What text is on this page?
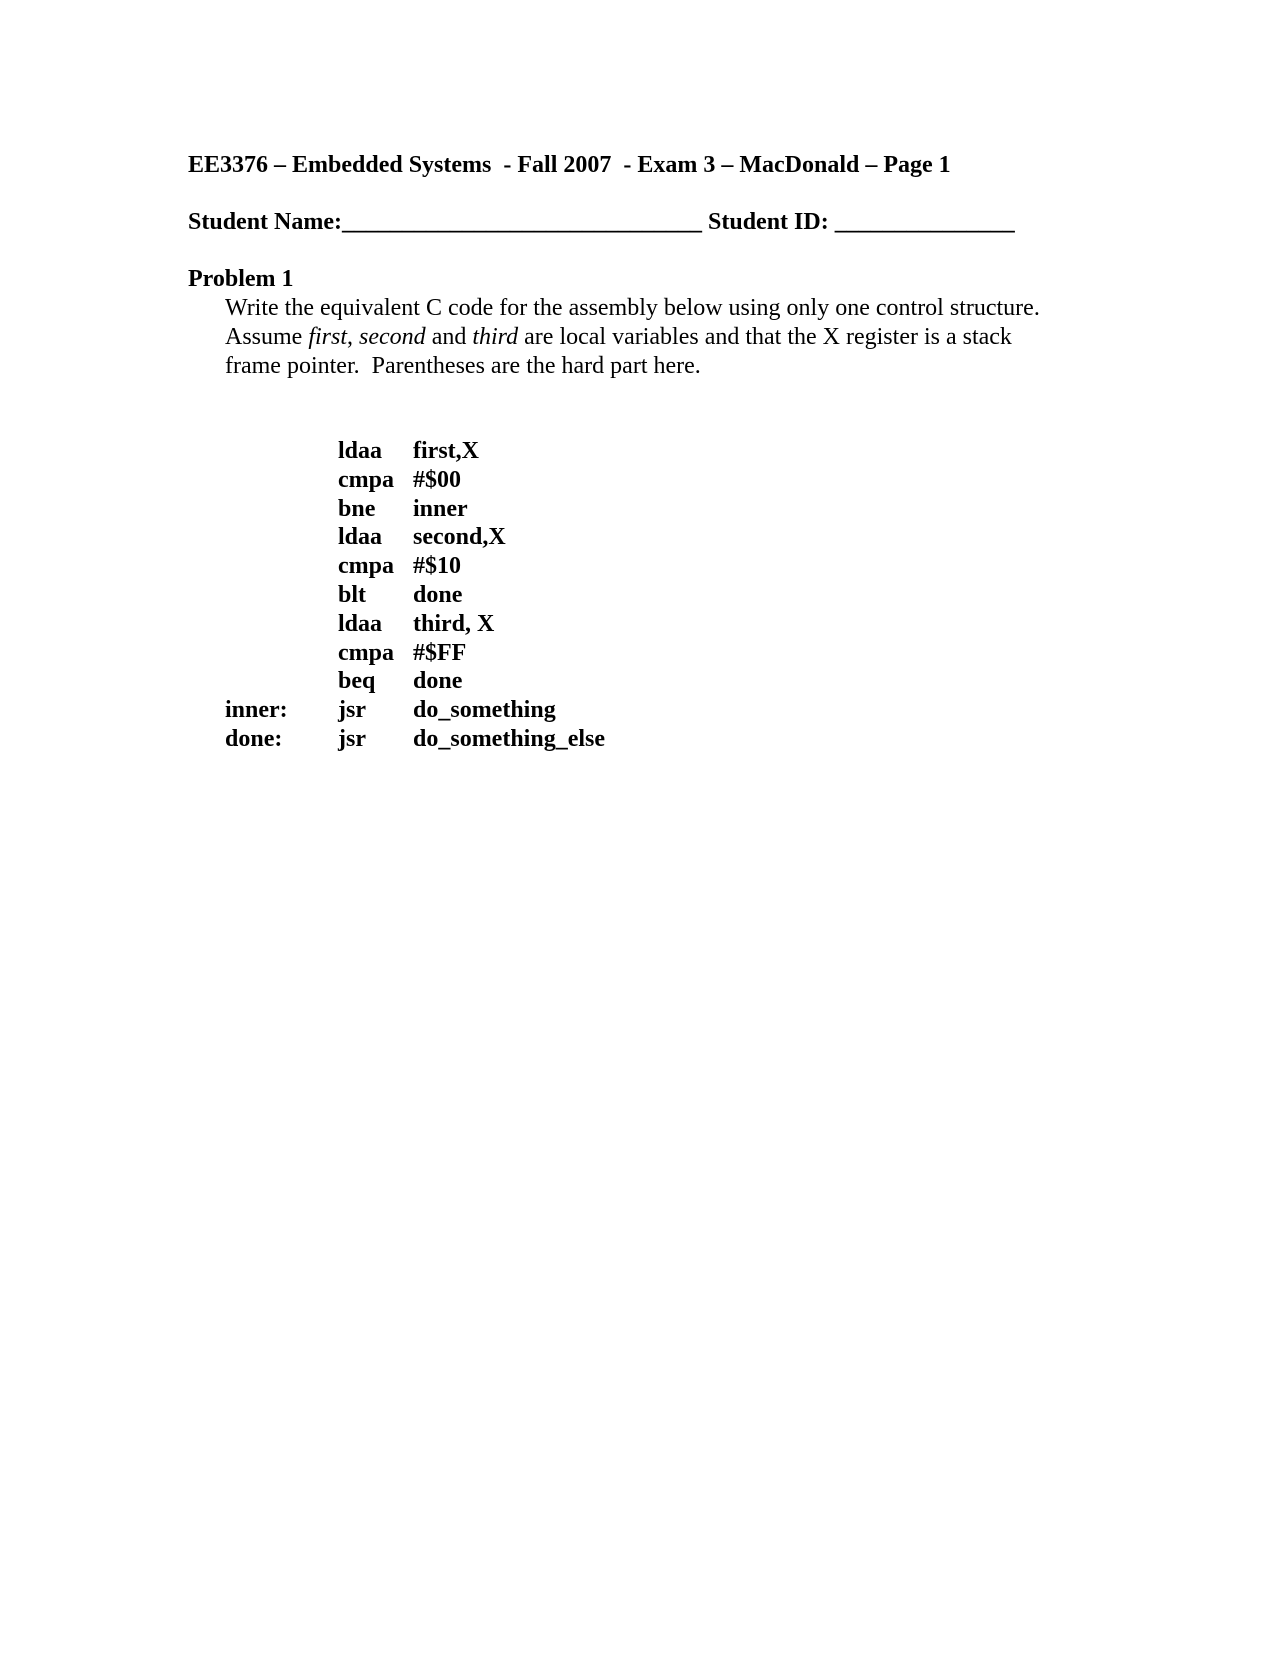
EE3376 – Embedded Systems  - Fall 2007  - Exam 3 – MacDonald – Page 1
Student Name:______________________________ Student ID: _______________
Problem 1
Write the equivalent C code for the assembly below using only one control structure.
Assume first, second and third are local variables and that the X register is a stack
frame pointer.  Parentheses are the hard part here.
ldaa	first,X
cmpa #$00
bne	inner
ldaa	second,X
cmpa #$10
blt	done
ldaa	third, X
cmpa #$FF
beq	done
inner:	jsr	do_something
done:	jsr	do_something_else
